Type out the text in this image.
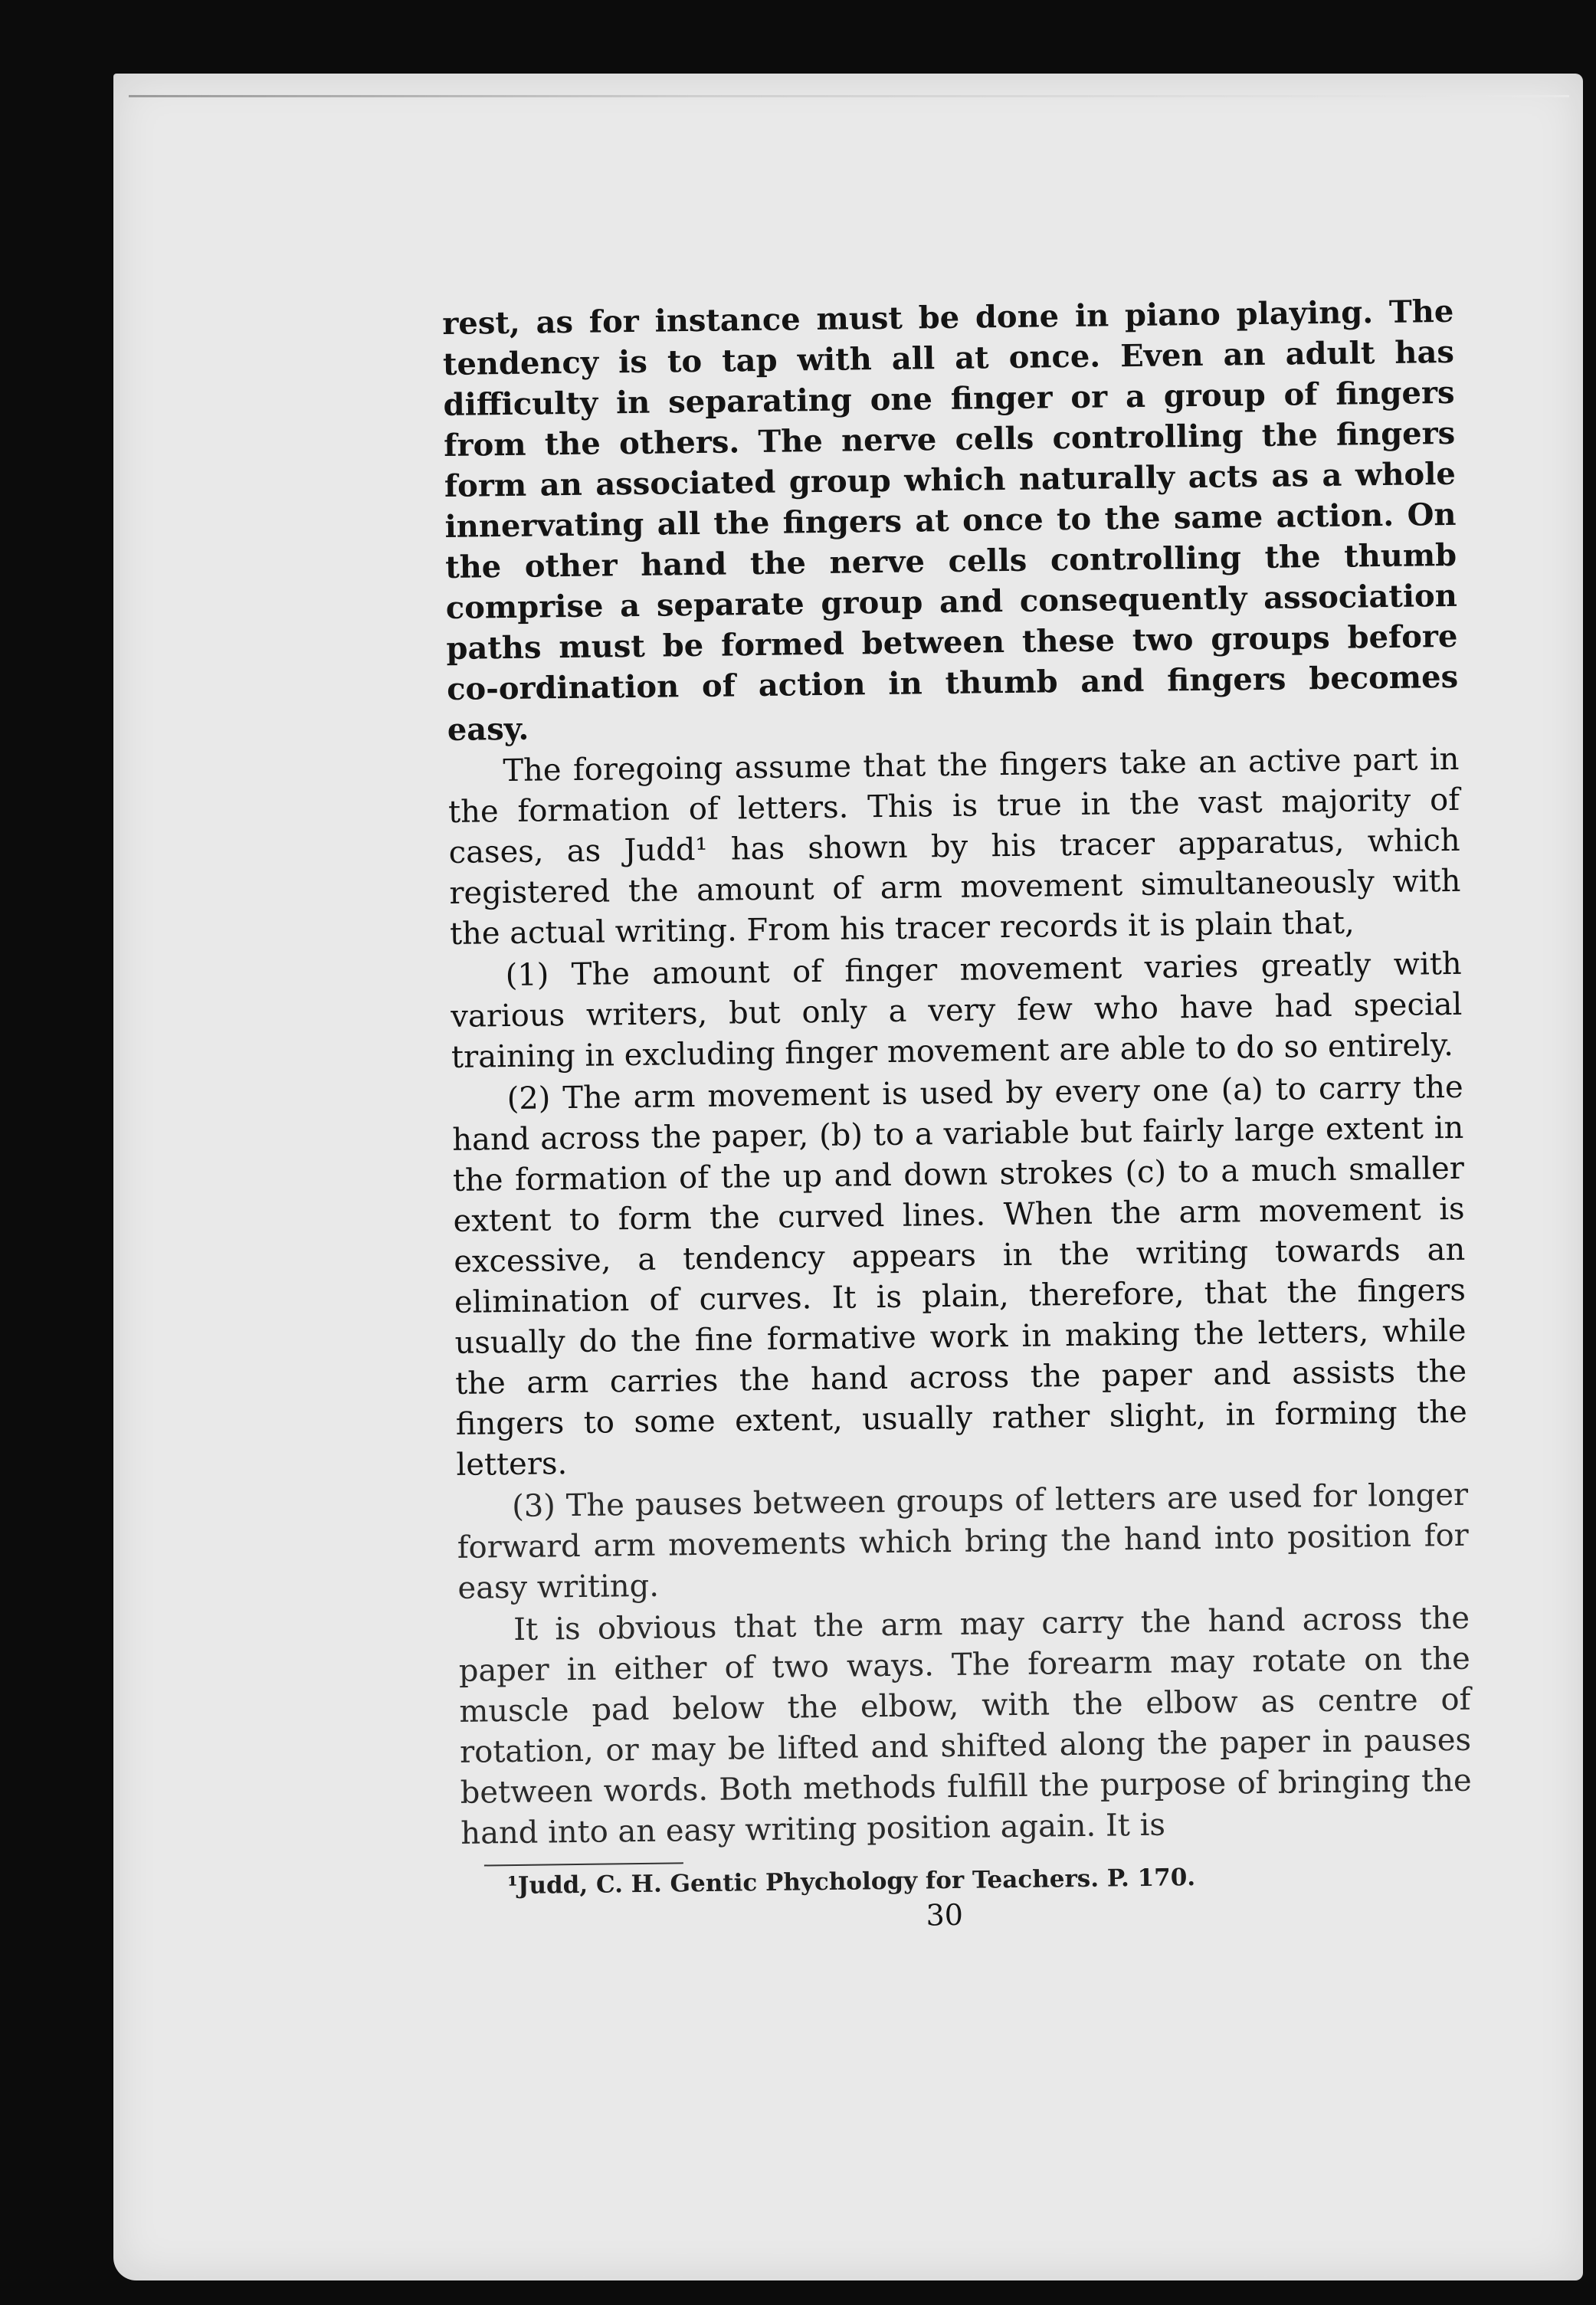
rest, as for instance must be done in piano playing. The tendency is to tap with all at once. Even an adult has difficulty in separating one finger or a group of fingers from the others. The nerve cells controlling the fingers form an associated group which naturally acts as a whole innervating all the fingers at once to the same action. On the other hand the nerve cells controlling the thumb comprise a separate group and consequently association paths must be formed between these two groups before co-ordination of action in thumb and fingers becomes easy.

The foregoing assume that the fingers take an active part in the formation of letters. This is true in the vast majority of cases, as Judd¹ has shown by his tracer apparatus, which registered the amount of arm movement simultaneously with the actual writing. From his tracer records it is plain that,

(1) The amount of finger movement varies greatly with various writers, but only a very few who have had special training in excluding finger movement are able to do so entirely.

(2) The arm movement is used by every one (a) to carry the hand across the paper, (b) to a variable but fairly large extent in the formation of the up and down strokes (c) to a much smaller extent to form the curved lines. When the arm movement is excessive, a tendency appears in the writing towards an elimination of curves. It is plain, therefore, that the fingers usually do the fine formative work in making the letters, while the arm carries the hand across the paper and assists the fingers to some extent, usually rather slight, in forming the letters.

(3) The pauses between groups of letters are used for longer forward arm movements which bring the hand into position for easy writing.

It is obvious that the arm may carry the hand across the paper in either of two ways. The forearm may rotate on the muscle pad below the elbow, with the elbow as centre of rotation, or may be lifted and shifted along the paper in pauses between words. Both methods fulfill the purpose of bringing the hand into an easy writing position again. It is

¹Judd, C. H. Gentic Phychology for Teachers. P. 170.
30
